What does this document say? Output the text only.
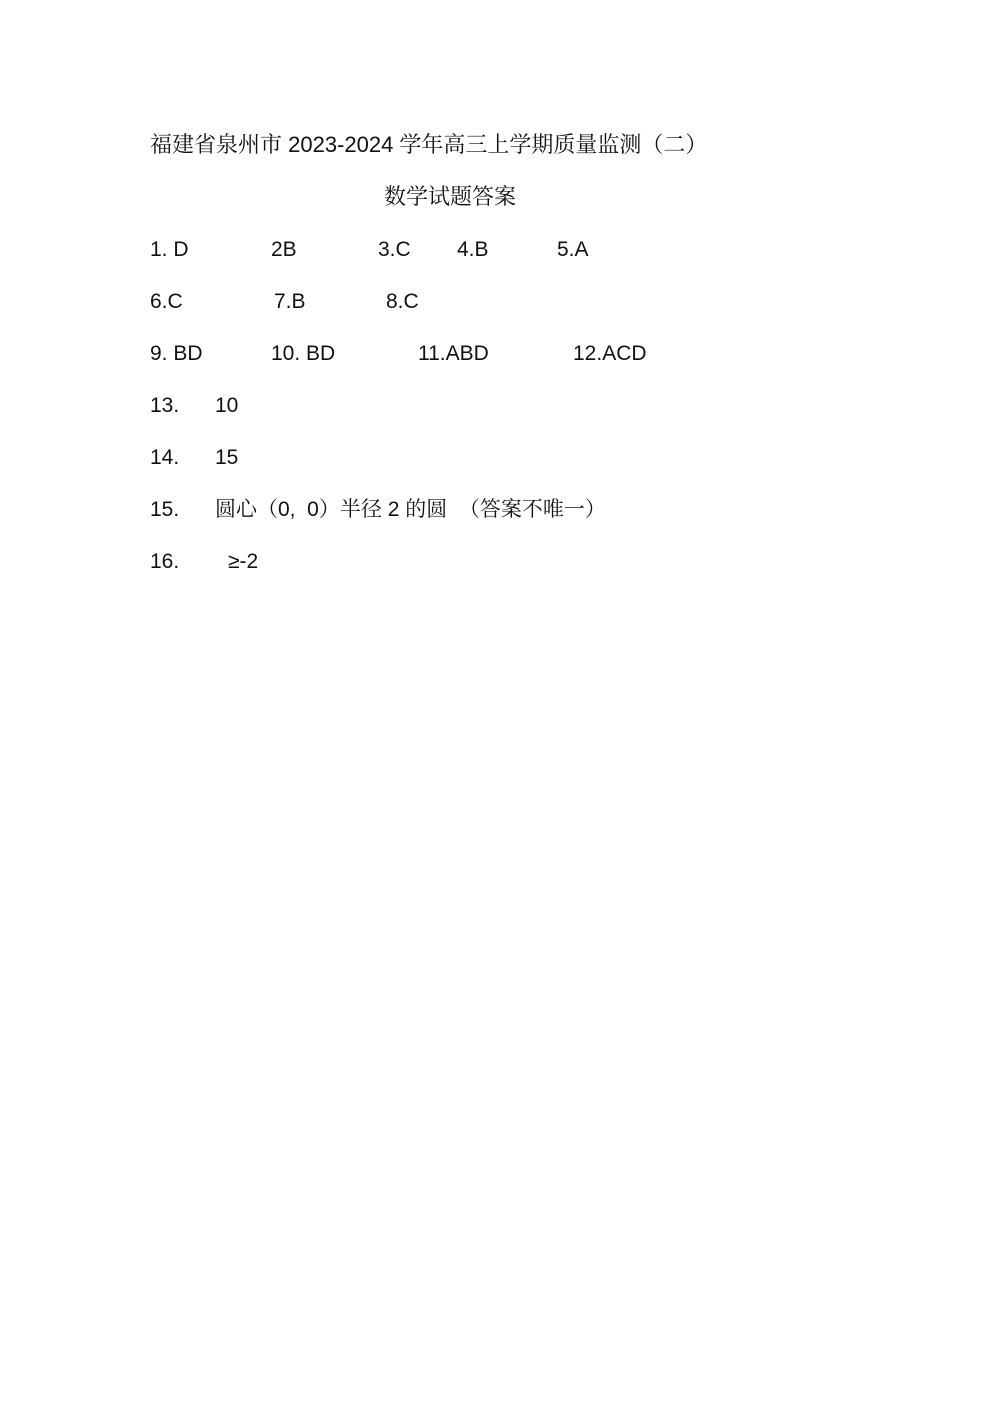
福建省泉州市 2023-2024 学年高三上学期质量监测（二）
数学试题答案
1. D	2B	3.C 4.B	5.A
6.C	7.B	8.C
9. BD	10. BD	11.ABD	12.ACD
13. 10
14. 15
15. 圆心（0,  0）半径 2 的圆  （答案不唯一）
16. ≥-2
